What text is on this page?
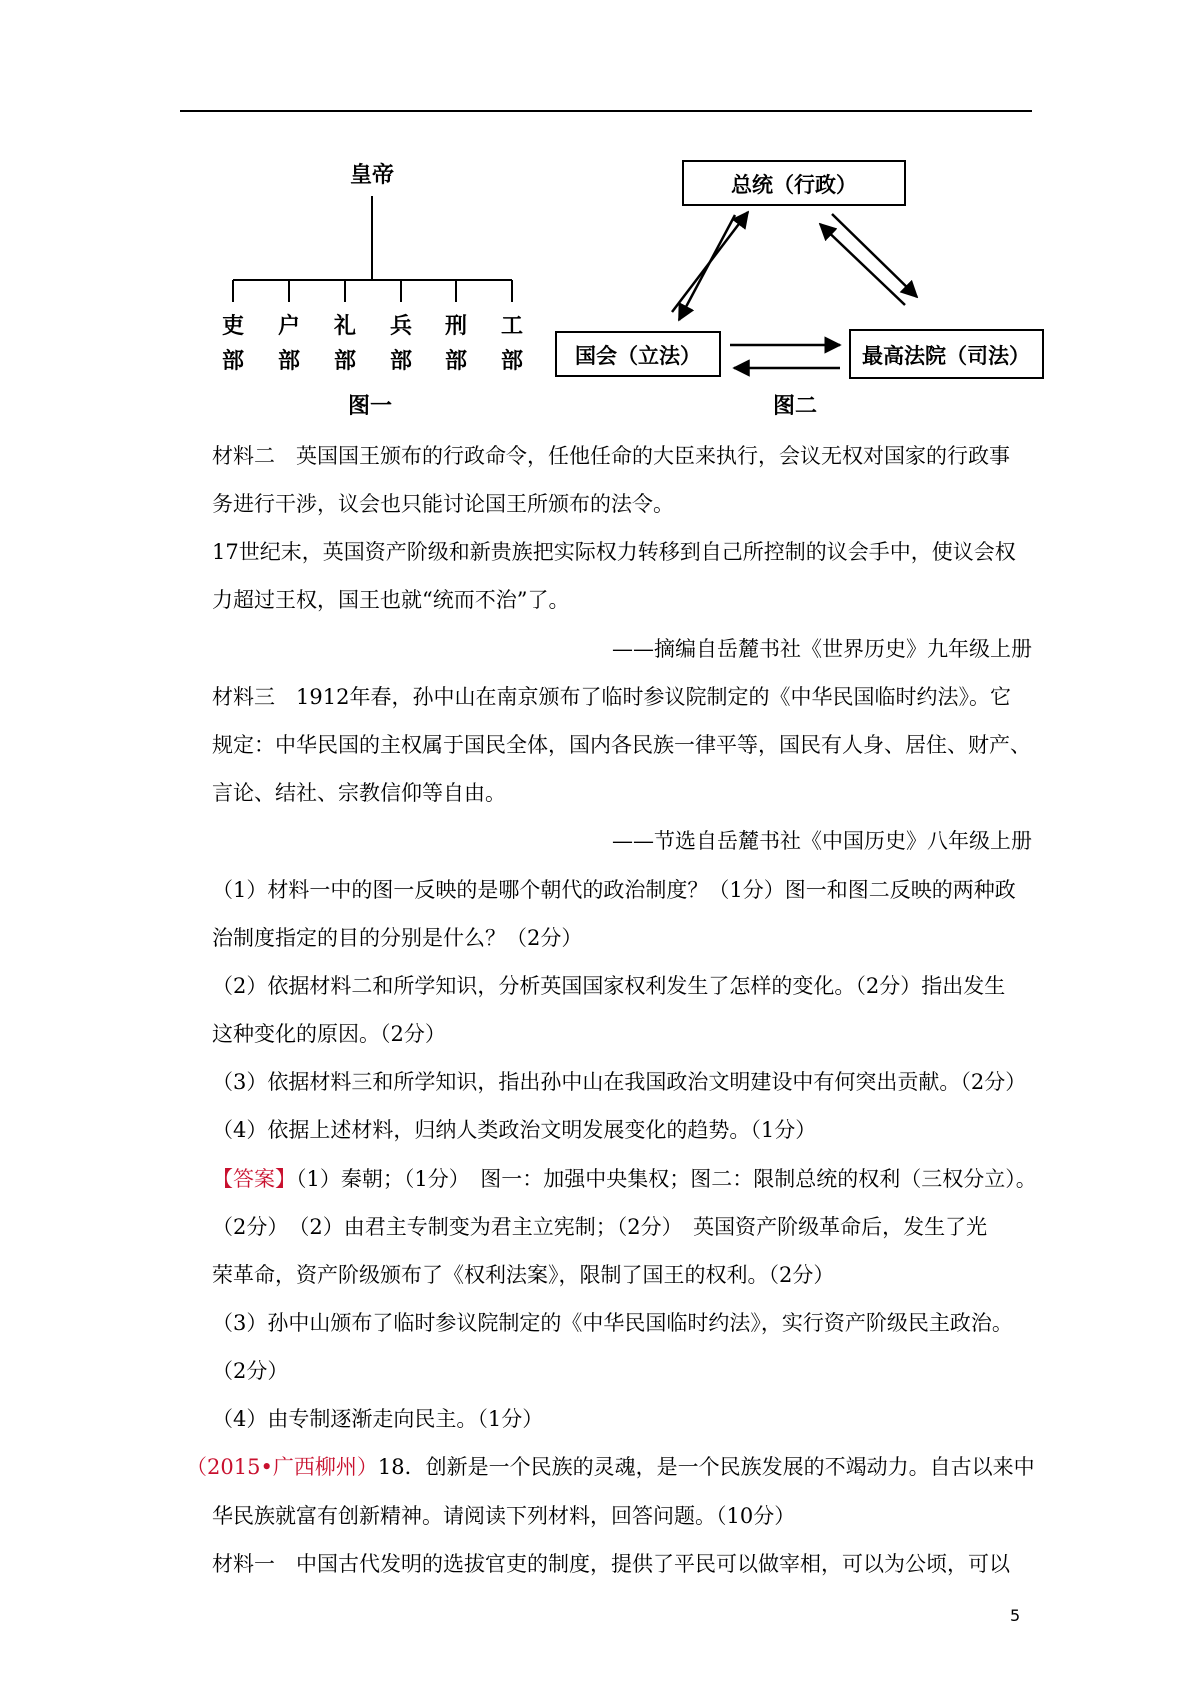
皇帝
吏
部
户
部
礼
部
兵
部
刑
部
工
部
图一
总统（行政）
国会（立法）	最高法院（司法）
图二
材料二　英国国王颁布的行政命令，任他任命的大臣来执行，会议无权对国家的行政事
务进行干涉，议会也只能讨论国王所颁布的法令。
17世纪末，英国资产阶级和新贵族把实际权力转移到自己所控制的议会手中，使议会权
力超过王权，国王也就“统而不治”了。
——摘编自岳麓书社《世界历史》九年级上册
材料三　1912年春，孙中山在南京颁布了临时参议院制定的《中华民国临时约法》。它
规定：中华民国的主权属于国民全体，国内各民族一律平等，国民有人身、居住、财产、
言论、结社、宗教信仰等自由。
——节选自岳麓书社《中国历史》八年级上册
（1）材料一中的图一反映的是哪个朝代的政治制度？（1分）图一和图二反映的两种政
治制度指定的目的分别是什么？（2分）
（2）依据材料二和所学知识，分析英国国家权利发生了怎样的变化。（2分）指出发生
这种变化的原因。（2分）
（3）依据材料三和所学知识，指出孙中山在我国政治文明建设中有何突出贡献。（2分）
（4）依据上述材料，归纳人类政治文明发展变化的趋势。（1分）
【答案】（1）秦朝；（1分）　图一：加强中央集权；图二：限制总统的权利（三权分立）。
（2分）　（2）由君主专制变为君主立宪制；（2分）　英国资产阶级革命后，发生了光
荣革命，资产阶级颁布了《权利法案》，限制了国王的权利。（2分）
（3）孙中山颁布了临时参议院制定的《中华民国临时约法》，实行资产阶级民主政治。
（2分）
（4）由专制逐渐走向民主。（1分）
（2015•广西柳州）18．创新是一个民族的灵魂，是一个民族发展的不竭动力。自古以来中
华民族就富有创新精神。请阅读下列材料，回答问题。（10分）
材料一　中国古代发明的选拔官吏的制度，提供了平民可以做宰相，可以为公顷，可以
5
